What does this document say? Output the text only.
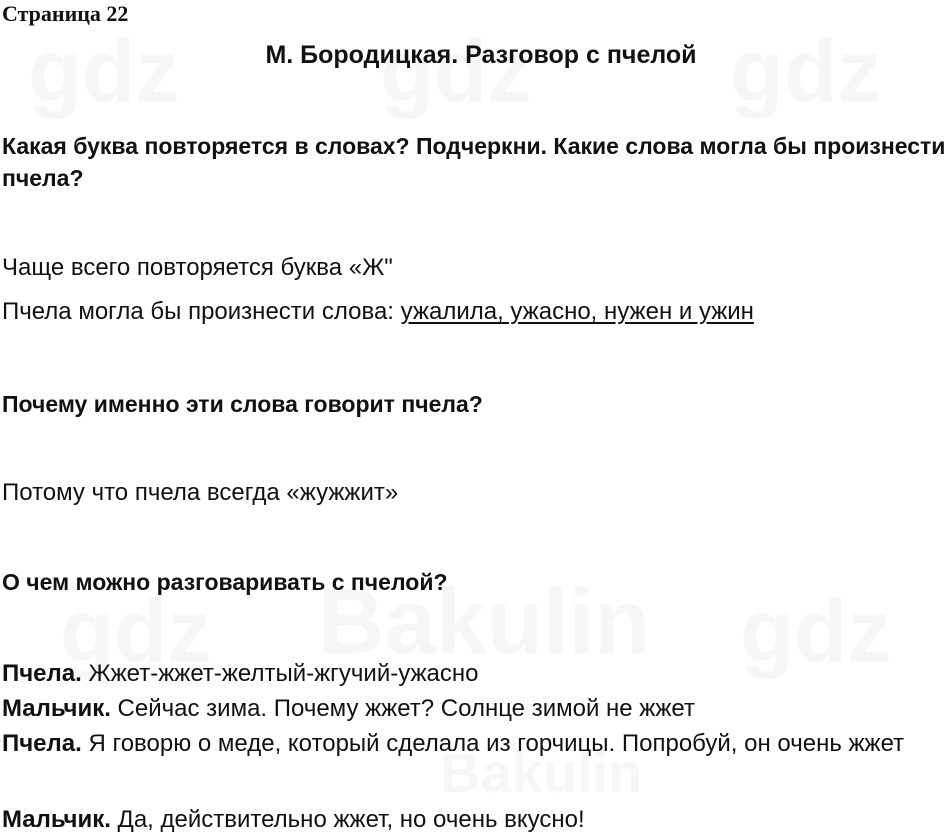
Страница 22
М. Бородицкая. Разговор с пчелой
Какая буква повторяется в словах? Подчеркни. Какие слова могла бы произнести пчела?
Чаще всего повторяется буква «Ж"
Пчела могла бы произнести слова: ужалила, ужасно, нужен и ужин
Почему именно эти слова говорит пчела?
Потому что пчела всегда «жужжит»
О чем можно разговаривать с пчелой?
Пчела. Жжет-жжет-желтый-жгучий-ужасно
Мальчик. Сейчас зима. Почему жжет? Солнце зимой не жжет
Пчела. Я говорю о меде, который сделала из горчицы. Попробуй, он очень жжет
Мальчик. Да, действительно жжет, но очень вкусно!
